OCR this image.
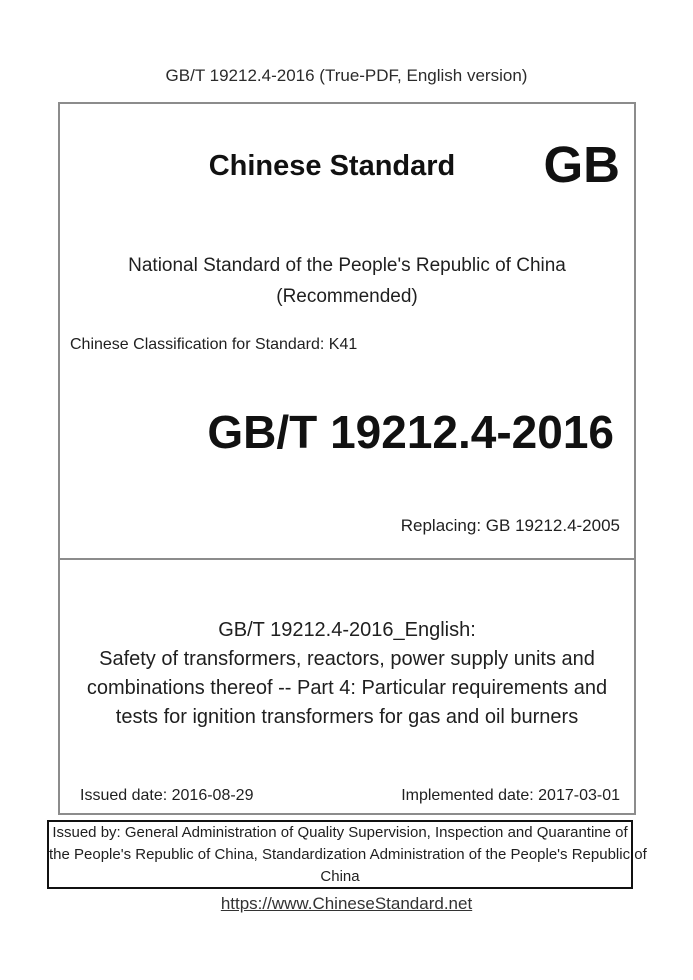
GB/T 19212.4-2016 (True-PDF, English version)
Chinese Standard	GB
National Standard of the People's Republic of China
(Recommended)
Chinese Classification for Standard: K41
GB/T 19212.4-2016
Replacing: GB 19212.4-2005
GB/T 19212.4-2016_English:
Safety of transformers, reactors, power supply units and
combinations thereof -- Part 4: Particular requirements and
tests for ignition transformers for gas and oil burners
Issued date: 2016-08-29	Implemented date: 2017-03-01
Issued by: General Administration of Quality Supervision, Inspection and Quarantine of
the People's Republic of China, Standardization Administration of the People's Republic of
China
https://www.ChineseStandard.net
